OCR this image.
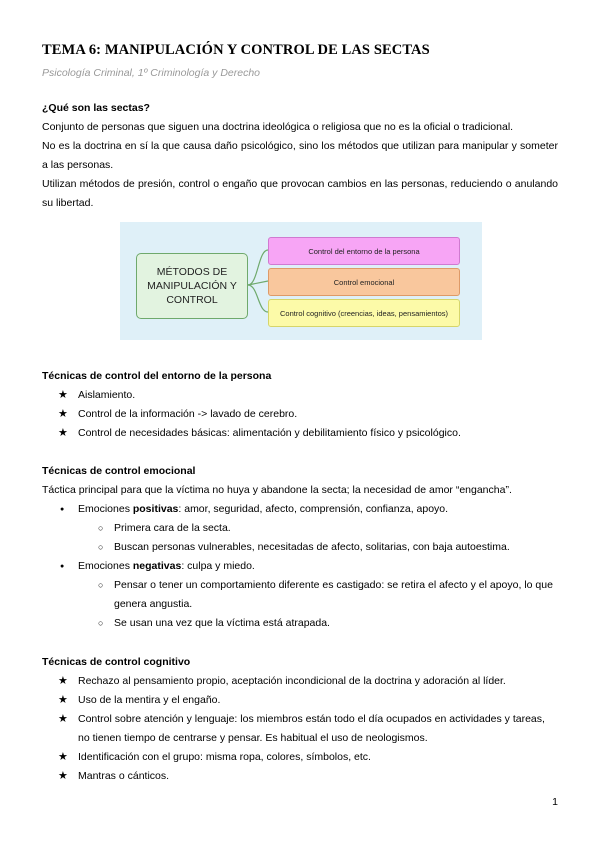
TEMA 6: MANIPULACIÓN Y CONTROL DE LAS SECTAS
Psicología Criminal, 1º Criminología y Derecho
¿Qué son las sectas?

Conjunto de personas que siguen una doctrina ideológica o religiosa que no es la oficial o tradicional.

No es la doctrina en sí la que causa daño psicológico, sino los métodos que utilizan para manipular y someter a las personas.

Utilizan métodos de presión, control o engaño que provocan cambios en las personas, reduciendo o anulando su libertad.

MÉTODOS DE MANIPULACIÓN Y CONTROL
Control del entorno de la persona
Control emocional
Control cognitivo (creencias, ideas, pensamientos)
Técnicas de control del entorno de la persona
★ Aislamiento.
★ Control de la información -> lavado de cerebro.
★ Control de necesidades básicas: alimentación y debilitamiento físico y psicológico.
Técnicas de control emocional

Táctica principal para que la víctima no huya y abandone la secta; la necesidad de amor “engancha”.

● Emociones positivas: amor, seguridad, afecto, comprensión, confianza, apoyo.
○ Primera cara de la secta.
○ Buscan personas vulnerables, necesitadas de afecto, solitarias, con baja autoestima.
● Emociones negativas: culpa y miedo.
○ Pensar o tener un comportamiento diferente es castigado: se retira el afecto y el apoyo, lo que genera angustia.
○ Se usan una vez que la víctima está atrapada.
Técnicas de control cognitivo
★ Rechazo al pensamiento propio, aceptación incondicional de la doctrina y adoración al líder.
★ Uso de la mentira y el engaño.
★ Control sobre atención y lenguaje: los miembros están todo el día ocupados en actividades y tareas, no tienen tiempo de centrarse y pensar. Es habitual el uso de neologismos.
★ Identificación con el grupo: misma ropa, colores, símbolos, etc.
★ Mantras o cánticos.
1
